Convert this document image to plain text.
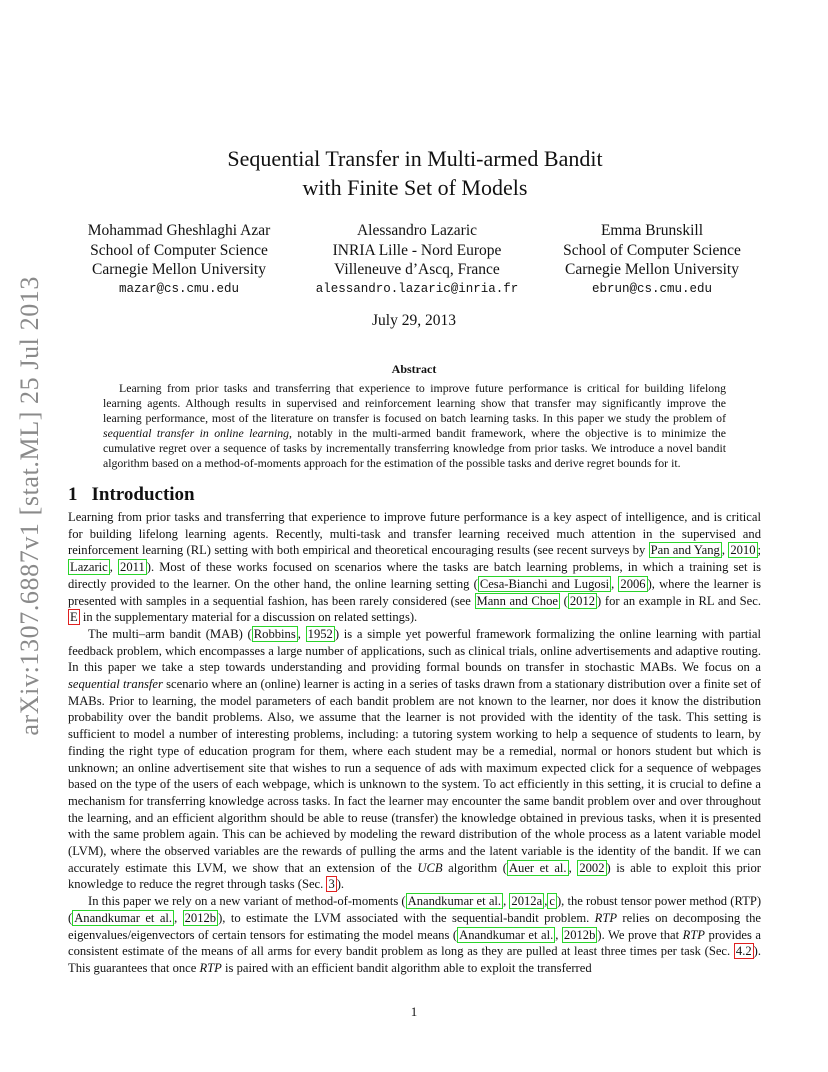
arXiv:1307.6887v1 [stat.ML] 25 Jul 2013
Sequential Transfer in Multi-armed Bandit
with Finite Set of Models
Mohammad Gheshlaghi Azar
School of Computer Science
Carnegie Mellon University
mazar@cs.cmu.edu
Alessandro Lazaric
INRIA Lille - Nord Europe
Villeneuve d’Ascq, France
alessandro.lazaric@inria.fr
Emma Brunskill
School of Computer Science
Carnegie Mellon University
ebrun@cs.cmu.edu
July 29, 2013
Abstract
Learning from prior tasks and transferring that experience to improve future performance is critical for building lifelong learning agents. Although results in supervised and reinforcement learning show that transfer may significantly improve the learning performance, most of the literature on transfer is focused on batch learning tasks. In this paper we study the problem of sequential transfer in online learning, notably in the multi-armed bandit framework, where the objective is to minimize the cumulative regret over a sequence of tasks by incrementally transferring knowledge from prior tasks. We introduce a novel bandit algorithm based on a method-of-moments approach for the estimation of the possible tasks and derive regret bounds for it.
1 Introduction

Learning from prior tasks and transferring that experience to improve future performance is a key aspect of intelligence, and is critical for building lifelong learning agents. Recently, multi-task and transfer learning received much attention in the supervised and reinforcement learning (RL) setting with both empirical and theoretical encouraging results (see recent surveys by Pan and Yang , 2010 ; Lazaric , 2011 ). Most of these works focused on scenarios where the tasks are batch learning problems, in which a training set is directly provided to the learner. On the other hand, the online learning setting ( Cesa-Bianchi and Lugosi , 2006 ), where the learner is presented with samples in a sequential fashion, has been rarely considered (see Mann and Choe ( 2012 ) for an example in RL and Sec. E in the supplementary material for a discussion on related settings).

The multi–arm bandit (MAB) ( Robbins , 1952 ) is a simple yet powerful framework formalizing the online learning with partial feedback problem, which encompasses a large number of applications, such as clinical trials, online advertisements and adaptive routing. In this paper we take a step towards understanding and providing formal bounds on transfer in stochastic MABs. We focus on a sequential transfer scenario where an (online) learner is acting in a series of tasks drawn from a stationary distribution over a finite set of MABs. Prior to learning, the model parameters of each bandit problem are not known to the learner, nor does it know the distribution probability over the bandit problems. Also, we assume that the learner is not provided with the identity of the task. This setting is sufficient to model a number of interesting problems, including: a tutoring system working to help a sequence of students to learn, by finding the right type of education program for them, where each student may be a remedial, normal or honors student but which is unknown; an online advertisement site that wishes to run a sequence of ads with maximum expected click for a sequence of webpages based on the type of the users of each webpage, which is unknown to the system. To act efficiently in this setting, it is crucial to define a mechanism for transferring knowledge across tasks. In fact the learner may encounter the same bandit problem over and over throughout the learning, and an efficient algorithm should be able to reuse (transfer) the knowledge obtained in previous tasks, when it is presented with the same problem again. This can be achieved by modeling the reward distribution of the whole process as a latent variable model (LVM), where the observed variables are the rewards of pulling the arms and the latent variable is the identity of the bandit. If we can accurately estimate this LVM, we show that an extension of the UCB algorithm ( Auer et al. , 2002 ) is able to exploit this prior knowledge to reduce the regret through tasks (Sec. 3 ).

In this paper we rely on a new variant of method-of-moments ( Anandkumar et al. , 2012a , c ), the robust tensor power method (RTP) ( Anandkumar et al. , 2012b ), to estimate the LVM associated with the sequential-bandit problem. RTP relies on decomposing the eigenvalues/eigenvectors of certain tensors for estimating the model means ( Anandkumar et al. , 2012b ). We prove that RTP provides a consistent estimate of the means of all arms for every bandit problem as long as they are pulled at least three times per task (Sec. 4.2 ). This guarantees that once RTP is paired with an efficient bandit algorithm able to exploit the transferred

1
